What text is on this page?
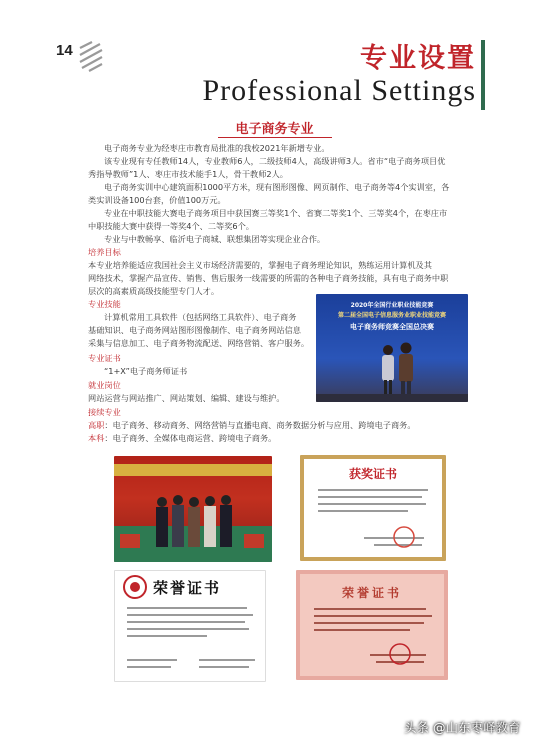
14	专业设置
Professional Settings
电子商务专业
电子商务专业为经枣庄市教育局批准的我校2021年新增专业。
该专业现有专任教师14人，专业教师6人，二级技师4人，高级讲师3人。省市“电子商务项目优
秀指导教师”1人、枣庄市技术能手1人，骨干教师2人。
电子商务实训中心建筑面积1000平方米，现有图形图像、网页制作、电子商务等4个实训室，各
类实训设备100台套，价值100万元。
专业在中职技能大赛电子商务项目中获国赛三等奖1个、省赛二等奖1个、三等奖4个，在枣庄市
中职技能大赛中获得一等奖4个、二等奖6个。
专业与中教畅享、临沂电子商城、联想集团等实现企业合作。
培养目标
本专业培养能适应我国社会主义市场经济需要的，掌握电子商务理论知识，熟练运用计算机及其
网络技术，掌握产品宣传、销售、售后服务一线需要的所需的各种电子商务技能，具有电子商务中职
层次的高素质高级技能型专门人才。
专业技能
计算机常用工具软件（包括网络工具软件）、电子商务
基础知识、电子商务网站图形图像制作、电子商务网站信息
采集与信息加工、电子商务物流配送、网络营销、客户服务。
专业证书
“1+X”电子商务师证书
就业岗位
网站运营与网站推广、网站策划、编辑、建设与维护。
接续专业
高职：电子商务、移动商务、网络营销与直播电商、商务数据分析与应用、跨境电子商务。
本科：电子商务、全媒体电商运营、跨境电子商务。
2020年全国行业职业技能竞赛
第二届全国电子信息服务业职业技能竞赛
电子商务师竞赛全国总决赛
获奖证书
荣誉证书	荣誉证书
头条 @山东枣峄教育
